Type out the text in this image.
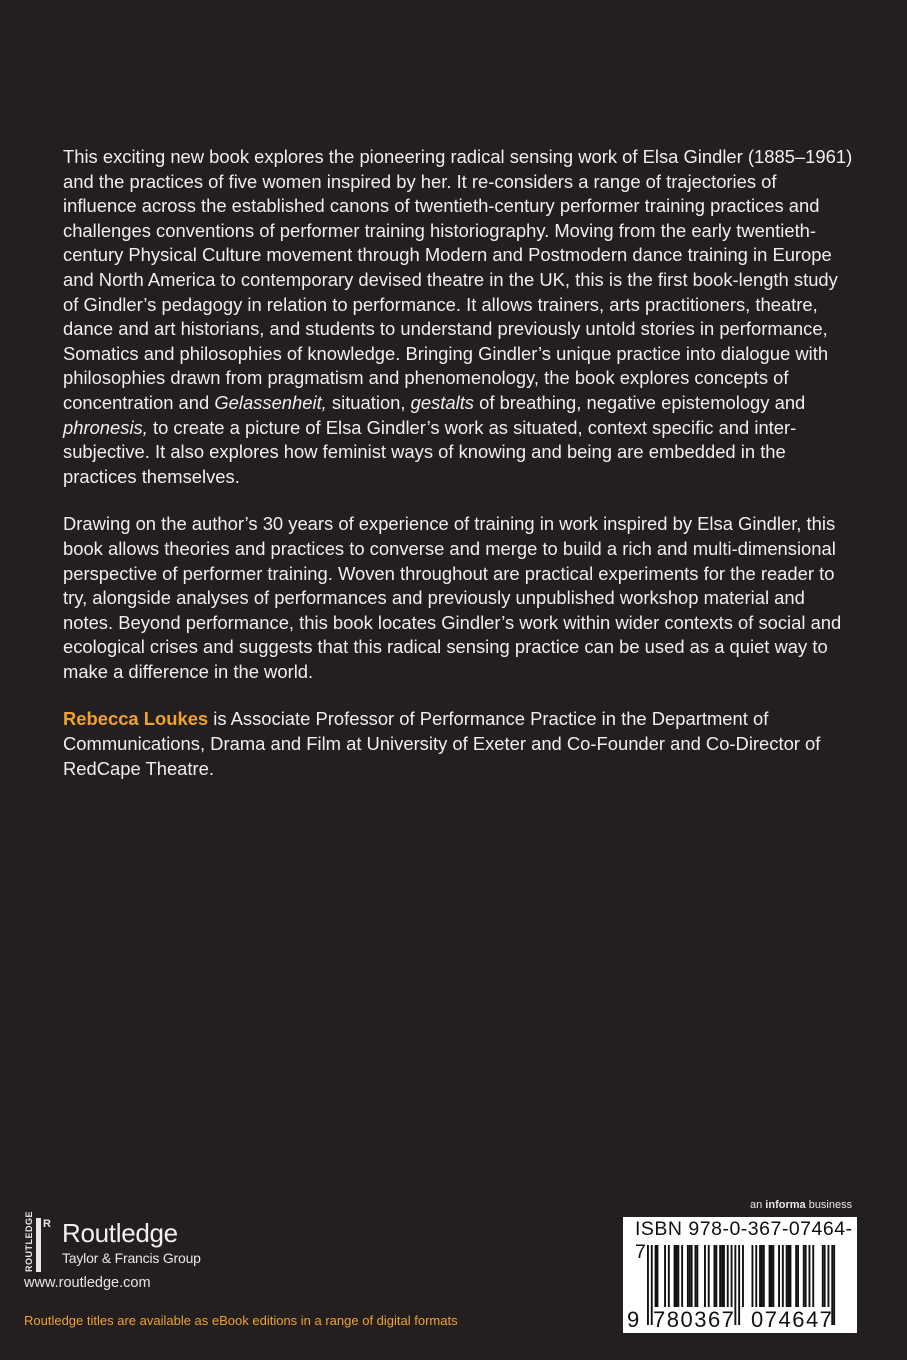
This exciting new book explores the pioneering radical sensing work of Elsa Gindler (1885–1961) and the practices of five women inspired by her. It re-considers a range of trajectories of influence across the established canons of twentieth-century performer training practices and challenges conventions of performer training historiography. Moving from the early twentieth-century Physical Culture movement through Modern and Postmodern dance training in Europe and North America to contemporary devised theatre in the UK, this is the first book-length study of Gindler’s pedagogy in relation to performance. It allows trainers, arts practitioners, theatre, dance and art historians, and students to understand previously untold stories in performance, Somatics and philosophies of knowledge. Bringing Gindler’s unique practice into dialogue with philosophies drawn from pragmatism and phenomenology, the book explores concepts of concentration and Gelassenheit, situation, gestalts of breathing, negative epistemology and phronesis, to create a picture of Elsa Gindler’s work as situated, context specific and inter-subjective. It also explores how feminist ways of knowing and being are embedded in the practices themselves.

Drawing on the author’s 30 years of experience of training in work inspired by Elsa Gindler, this book allows theories and practices to converse and merge to build a rich and multi-dimensional perspective of performer training. Woven throughout are practical experiments for the reader to try, alongside analyses of performances and previously unpublished workshop material and notes. Beyond performance, this book locates Gindler’s work within wider contexts of social and ecological crises and suggests that this radical sensing practice can be used as a quiet way to make a difference in the world.

Rebecca Loukes is Associate Professor of Performance Practice in the Department of Communications, Drama and Film at University of Exeter and Co-Founder and Co-Director of RedCape Theatre.

ROUTLEDGE R Routledge
Taylor & Francis Group
www.routledge.com
Routledge titles are available as eBook editions in a range of digital formats
an informa business
ISBN 978-0-367-07464-7
9 780367 074647
